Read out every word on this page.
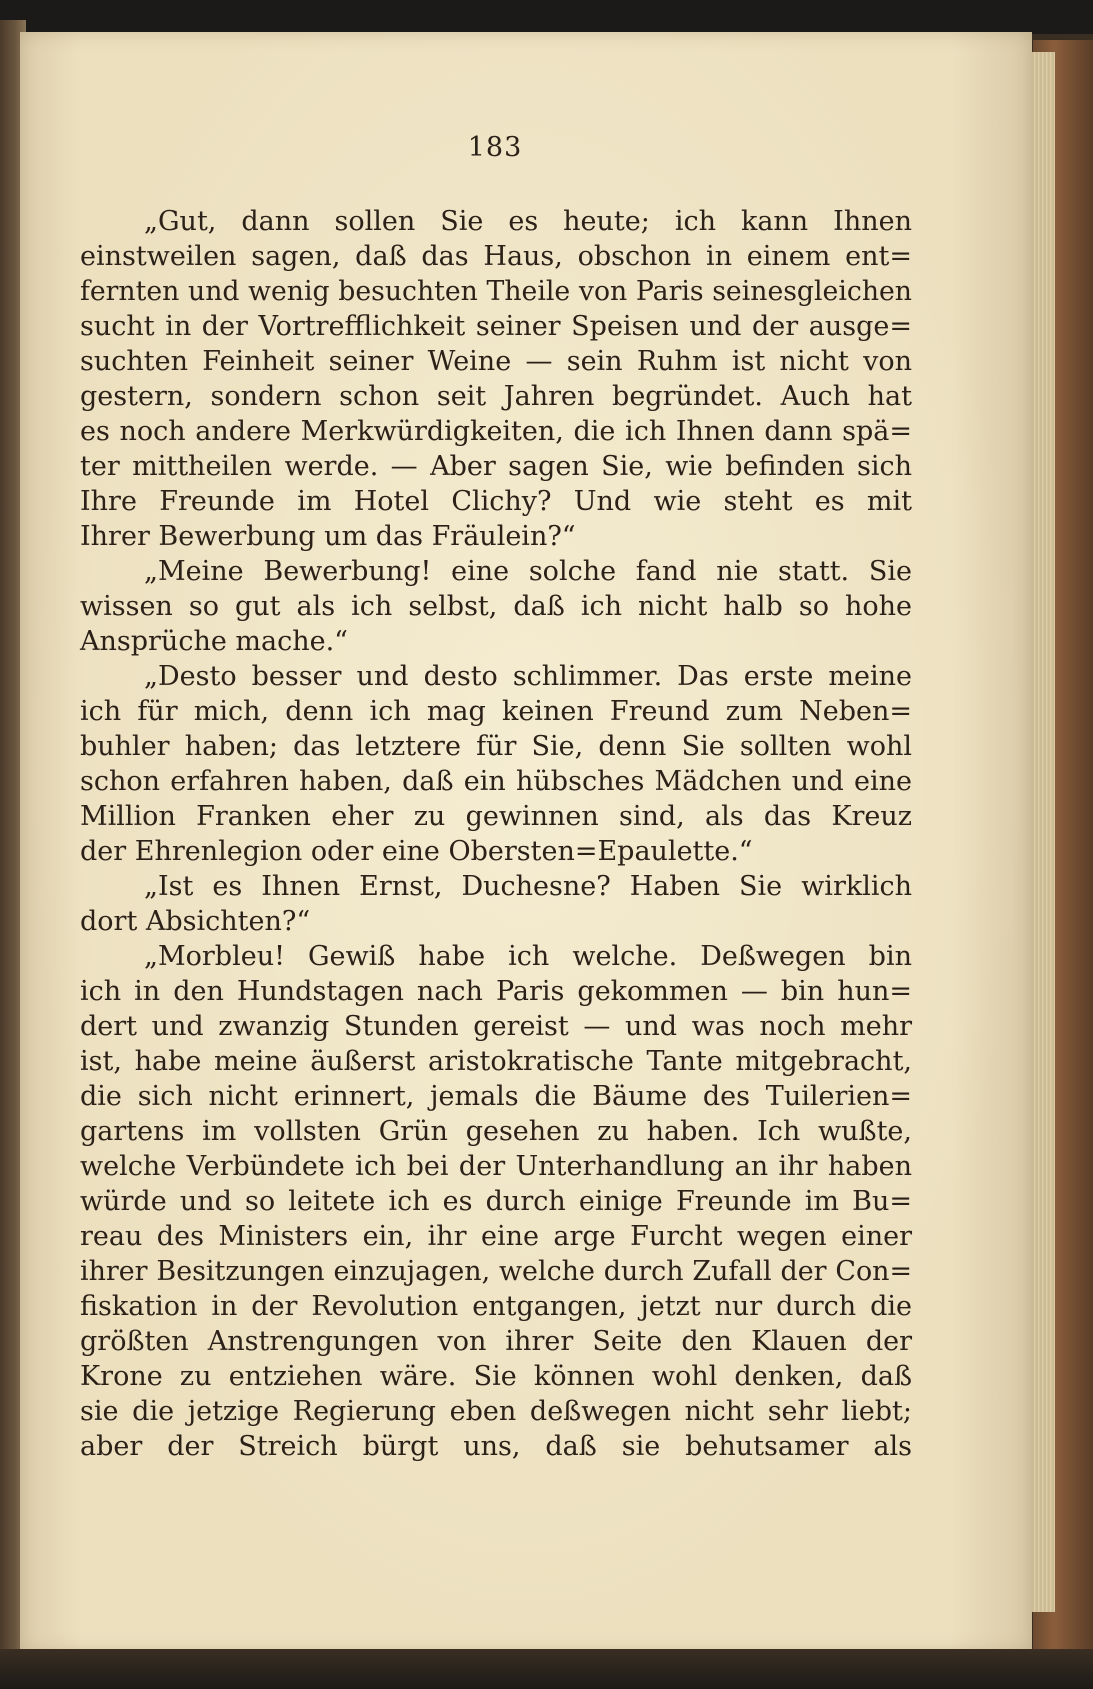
183
„Gut, dann sollen Sie es heute; ich kann Ihnen
einstweilen sagen, daß das Haus, obschon in einem ent=
fernten und wenig besuchten Theile von Paris seinesgleichen
sucht in der Vortrefflichkeit seiner Speisen und der ausge=
suchten Feinheit seiner Weine — sein Ruhm ist nicht von
gestern, sondern schon seit Jahren begründet. Auch hat
es noch andere Merkwürdigkeiten, die ich Ihnen dann spä=
ter mittheilen werde. — Aber sagen Sie, wie befinden sich
Ihre Freunde im Hotel Clichy? Und wie steht es mit
Ihrer Bewerbung um das Fräulein?“
„Meine Bewerbung! eine solche fand nie statt. Sie
wissen so gut als ich selbst, daß ich nicht halb so hohe
Ansprüche mache.“
„Desto besser und desto schlimmer. Das erste meine
ich für mich, denn ich mag keinen Freund zum Neben=
buhler haben; das letztere für Sie, denn Sie sollten wohl
schon erfahren haben, daß ein hübsches Mädchen und eine
Million Franken eher zu gewinnen sind, als das Kreuz
der Ehrenlegion oder eine Obersten=Epaulette.“
„Ist es Ihnen Ernst, Duchesne? Haben Sie wirklich
dort Absichten?“
„Morbleu! Gewiß habe ich welche. Deßwegen bin
ich in den Hundstagen nach Paris gekommen — bin hun=
dert und zwanzig Stunden gereist — und was noch mehr
ist, habe meine äußerst aristokratische Tante mitgebracht,
die sich nicht erinnert, jemals die Bäume des Tuilerien=
gartens im vollsten Grün gesehen zu haben. Ich wußte,
welche Verbündete ich bei der Unterhandlung an ihr haben
würde und so leitete ich es durch einige Freunde im Bu=
reau des Ministers ein, ihr eine arge Furcht wegen einer
ihrer Besitzungen einzujagen, welche durch Zufall der Con=
fiskation in der Revolution entgangen, jetzt nur durch die
größten Anstrengungen von ihrer Seite den Klauen der
Krone zu entziehen wäre. Sie können wohl denken, daß
sie die jetzige Regierung eben deßwegen nicht sehr liebt;
aber der Streich bürgt uns, daß sie behutsamer als
